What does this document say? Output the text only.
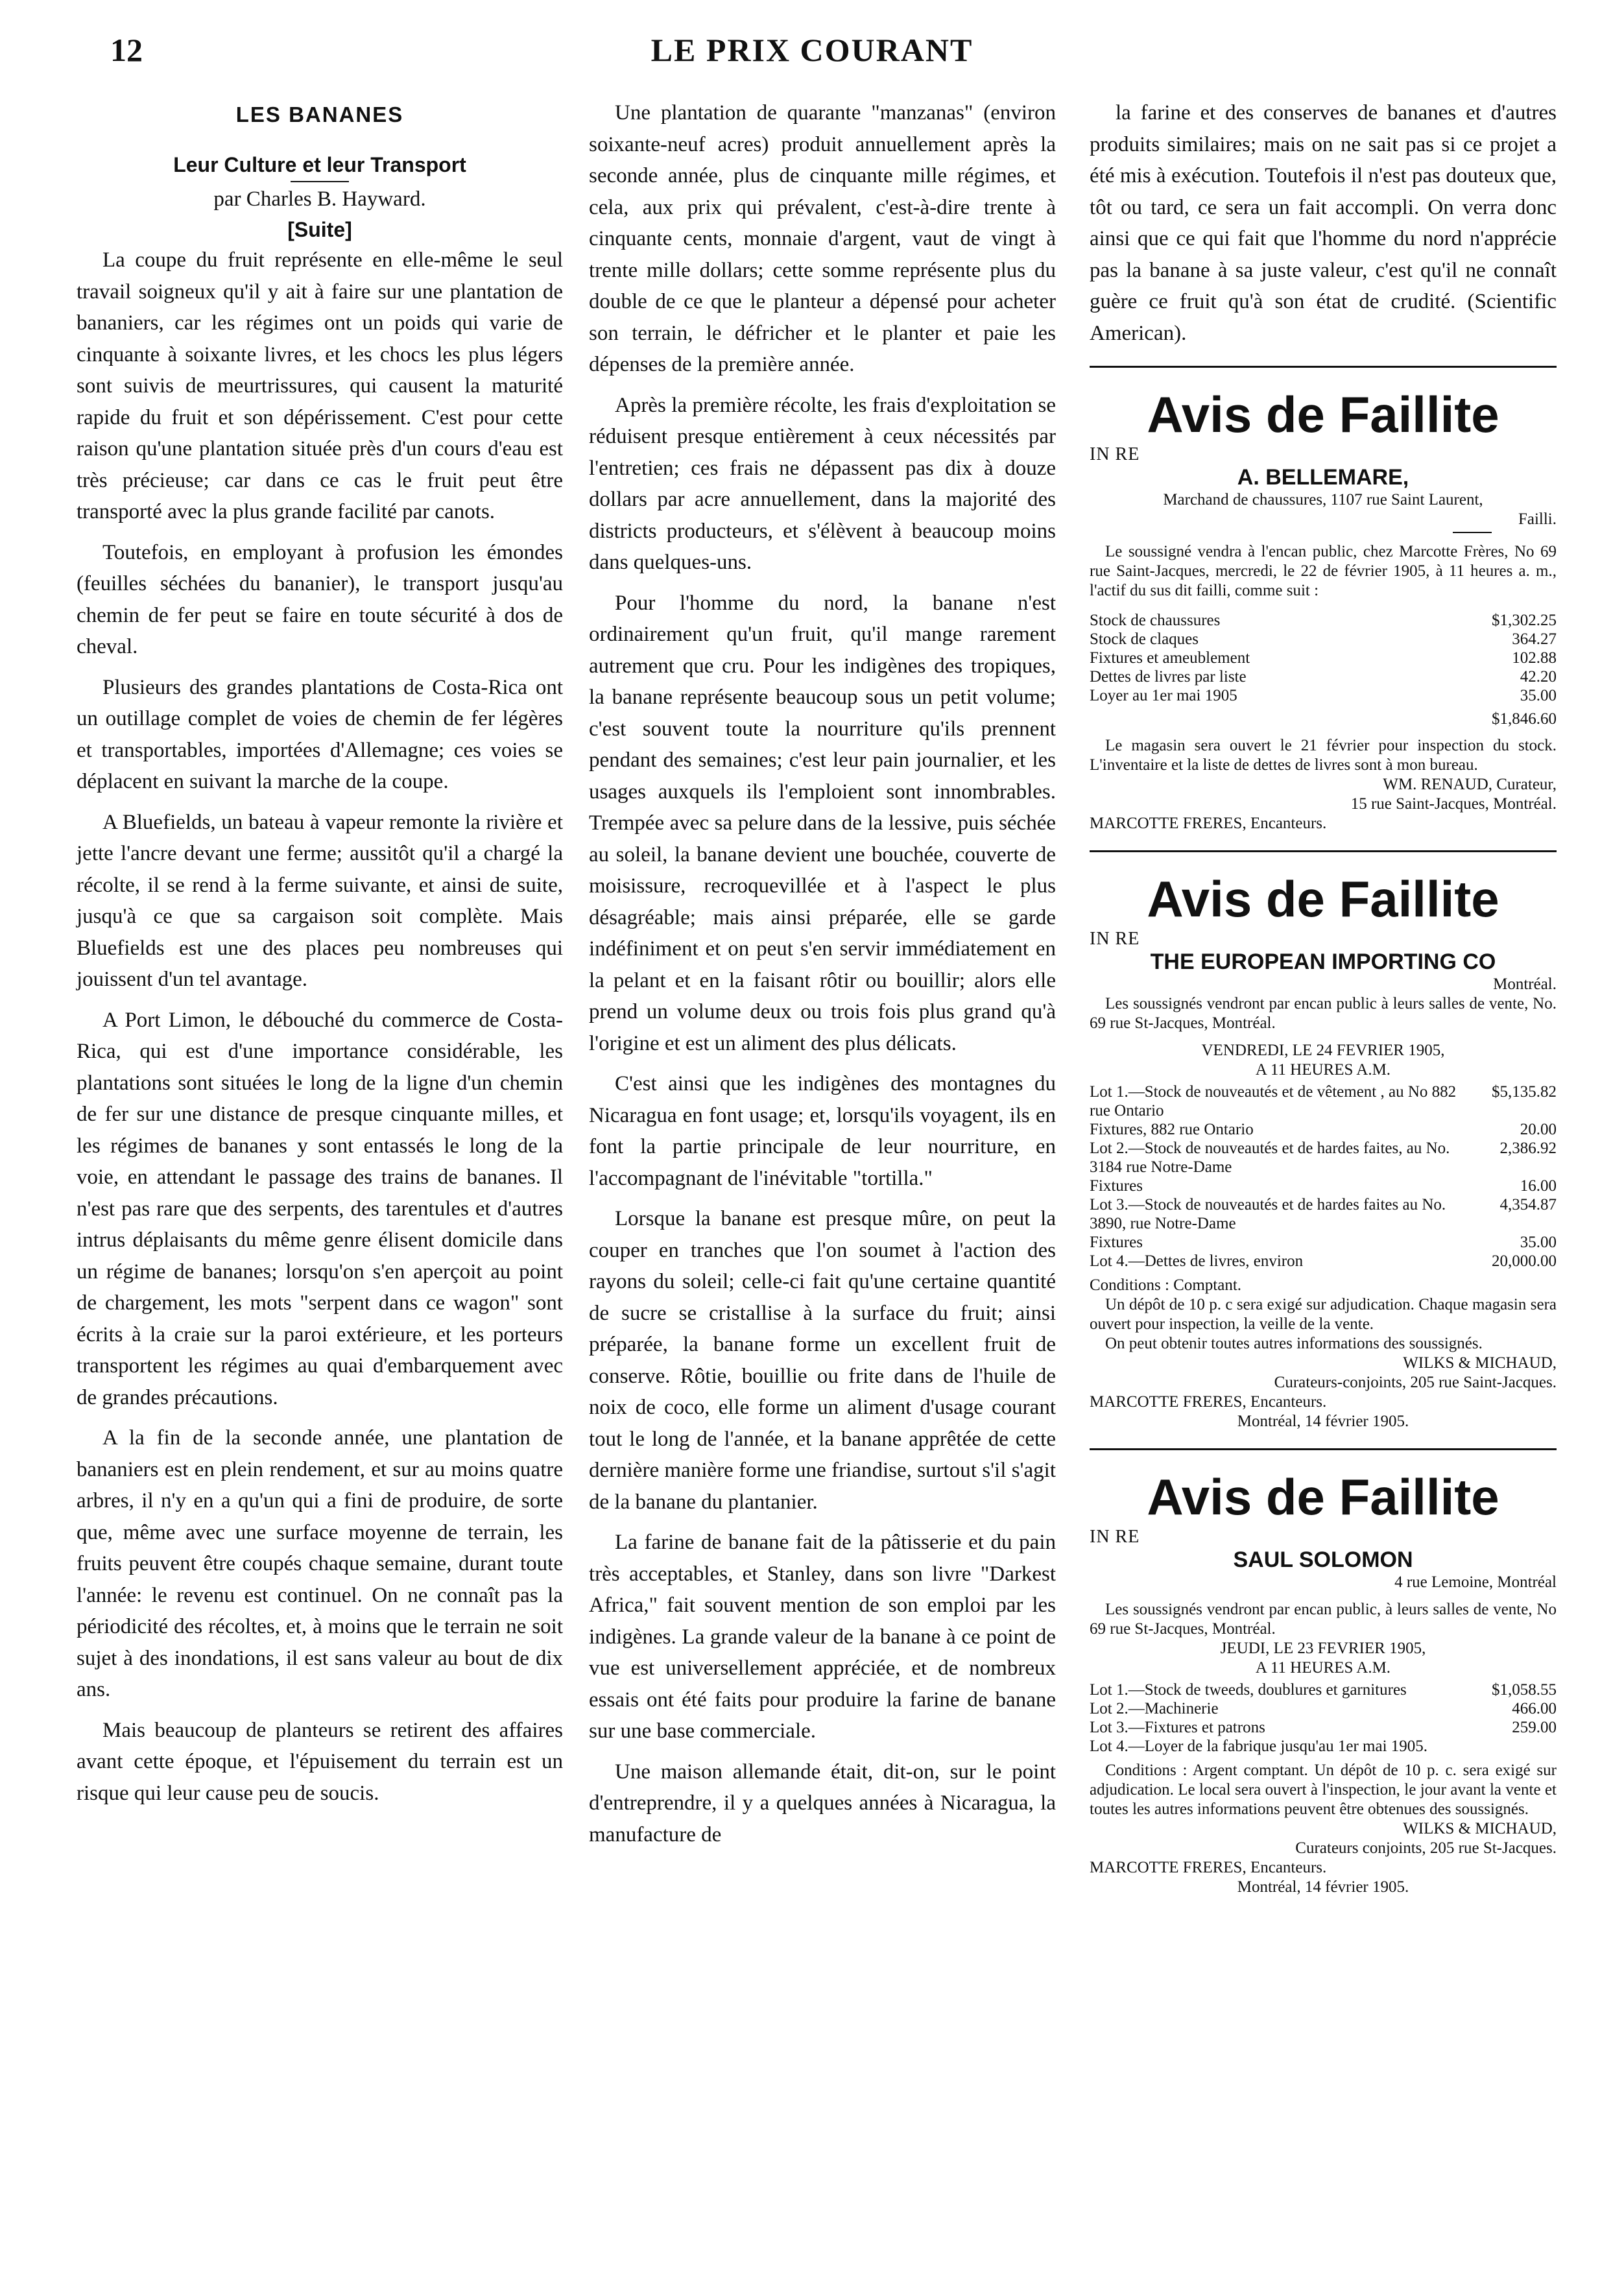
12	LE PRIX COURANT
LES BANANES
Leur Culture et leur Transport
par Charles B. Hayward.
[Suite]

La coupe du fruit représente en elle-même le seul travail soigneux qu'il y ait à faire sur une plantation de bananiers, car les régimes ont un poids qui varie de cinquante à soixante livres, et les chocs les plus légers sont suivis de meurtrissures, qui causent la maturité rapide du fruit et son dépérissement. C'est pour cette raison qu'une plantation située près d'un cours d'eau est très précieuse; car dans ce cas le fruit peut être transporté avec la plus grande facilité par canots.

Toutefois, en employant à profusion les émondes (feuilles séchées du bananier), le transport jusqu'au chemin de fer peut se faire en toute sécurité à dos de cheval.

Plusieurs des grandes plantations de Costa-Rica ont un outillage complet de voies de chemin de fer légères et transportables, importées d'Allemagne; ces voies se déplacent en suivant la marche de la coupe.

A Bluefields, un bateau à vapeur remonte la rivière et jette l'ancre devant une ferme; aussitôt qu'il a chargé la récolte, il se rend à la ferme suivante, et ainsi de suite, jusqu'à ce que sa cargaison soit complète. Mais Bluefields est une des places peu nombreuses qui jouissent d'un tel avantage.

A Port Limon, le débouché du commerce de Costa-Rica, qui est d'une importance considérable, les plantations sont situées le long de la ligne d'un chemin de fer sur une distance de presque cinquante milles, et les régimes de bananes y sont entassés le long de la voie, en attendant le passage des trains de bananes. Il n'est pas rare que des serpents, des tarentules et d'autres intrus déplaisants du même genre élisent domicile dans un régime de bananes; lorsqu'on s'en aperçoit au point de chargement, les mots "serpent dans ce wagon" sont écrits à la craie sur la paroi extérieure, et les porteurs transportent les régimes au quai d'embarquement avec de grandes précautions.

A la fin de la seconde année, une plantation de bananiers est en plein rendement, et sur au moins quatre arbres, il n'y en a qu'un qui a fini de produire, de sorte que, même avec une surface moyenne de terrain, les fruits peuvent être coupés chaque semaine, durant toute l'année: le revenu est continuel. On ne connaît pas la périodicité des récoltes, et, à moins que le terrain ne soit sujet à des inondations, il est sans valeur au bout de dix ans.

Mais beaucoup de planteurs se retirent des affaires avant cette époque, et l'épuisement du terrain est un risque qui leur cause peu de soucis.

Une plantation de quarante "manzanas" (environ soixante-neuf acres) produit annuellement après la seconde année, plus de cinquante mille régimes, et cela, aux prix qui prévalent, c'est-à-dire trente à cinquante cents, monnaie d'argent, vaut de vingt à trente mille dollars; cette somme représente plus du double de ce que le planteur a dépensé pour acheter son terrain, le défricher et le planter et paie les dépenses de la première année.

Après la première récolte, les frais d'exploitation se réduisent presque entièrement à ceux nécessités par l'entretien; ces frais ne dépassent pas dix à douze dollars par acre annuellement, dans la majorité des districts producteurs, et s'élèvent à beaucoup moins dans quelques-uns.

Pour l'homme du nord, la banane n'est ordinairement qu'un fruit, qu'il mange rarement autrement que cru. Pour les indigènes des tropiques, la banane représente beaucoup sous un petit volume; c'est souvent toute la nourriture qu'ils prennent pendant des semaines; c'est leur pain journalier, et les usages auxquels ils l'emploient sont innombrables. Trempée avec sa pelure dans de la lessive, puis séchée au soleil, la banane devient une bouchée, couverte de moisissure, recroquevillée et à l'aspect le plus désagréable; mais ainsi préparée, elle se garde indéfiniment et on peut s'en servir immédiatement en la pelant et en la faisant rôtir ou bouillir; alors elle prend un volume deux ou trois fois plus grand qu'à l'origine et est un aliment des plus délicats.

C'est ainsi que les indigènes des montagnes du Nicaragua en font usage; et, lorsqu'ils voyagent, ils en font la partie principale de leur nourriture, en l'accompagnant de l'inévitable "tortilla."

Lorsque la banane est presque mûre, on peut la couper en tranches que l'on soumet à l'action des rayons du soleil; celle-ci fait qu'une certaine quantité de sucre se cristallise à la surface du fruit; ainsi préparée, la banane forme un excellent fruit de conserve. Rôtie, bouillie ou frite dans de l'huile de noix de coco, elle forme un aliment d'usage courant tout le long de l'année, et la banane apprêtée de cette dernière manière forme une friandise, surtout s'il s'agit de la banane du plantanier.

La farine de banane fait de la pâtisserie et du pain très acceptables, et Stanley, dans son livre "Darkest Africa," fait souvent mention de son emploi par les indigènes. La grande valeur de la banane à ce point de vue est universellement appréciée, et de nombreux essais ont été faits pour produire la farine de banane sur une base commerciale.

Une maison allemande était, dit-on, sur le point d'entreprendre, il y a quelques années à Nicaragua, la manufacture de

la farine et des conserves de bananes et d'autres produits similaires; mais on ne sait pas si ce projet a été mis à exécution. Toutefois il n'est pas douteux que, tôt ou tard, ce sera un fait accompli. On verra donc ainsi que ce qui fait que l'homme du nord n'apprécie pas la banane à sa juste valeur, c'est qu'il ne connaît guère ce fruit qu'à son état de crudité. (Scientific American).

Avis de Faillite
IN RE
A. BELLEMARE,
Marchand de chaussures, 1107 rue Saint Laurent,
Failli.
Le soussigné vendra à l'encan public, chez Marcotte Frères, No 69 rue Saint-Jacques, mercredi, le 22 de février 1905, à 11 heures a. m., l'actif du sus dit failli, comme suit :
Stock de chaussures	$1,302.25
Stock de claques	364.27
Fixtures et ameublement	102.88
Dettes de livres par liste	42.20
Loyer au 1er mai 1905	35.00
$1,846.60
Le magasin sera ouvert le 21 février pour inspection du stock. L'inventaire et la liste de dettes de livres sont à mon bureau.
WM. RENAUD, Curateur,
15 rue Saint-Jacques, Montréal.
MARCOTTE FRERES, Encanteurs.
Avis de Faillite
IN RE
THE EUROPEAN IMPORTING CO
Montréal.
Les soussignés vendront par encan public à leurs salles de vente, No. 69 rue St-Jacques, Montréal.
VENDREDI, LE 24 FEVRIER 1905,
A 11 HEURES A.M.
Lot 1.—Stock de nouveautés et de vêtement , au No 882 rue Ontario	$5,135.82
Fixtures, 882 rue Ontario	20.00
Lot 2.—Stock de nouveautés et de hardes faites, au No. 3184 rue Notre-Dame	2,386.92
Fixtures	16.00
Lot 3.—Stock de nouveautés et de hardes faites au No. 3890, rue Notre-Dame	4,354.87
Fixtures	35.00
Lot 4.—Dettes de livres, environ	20,000.00
Conditions : Comptant.
Un dépôt de 10 p. c sera exigé sur adjudication. Chaque magasin sera ouvert pour inspection, la veille de la vente.
On peut obtenir toutes autres informations des soussignés.
WILKS & MICHAUD,
Curateurs-conjoints, 205 rue Saint-Jacques.
MARCOTTE FRERES, Encanteurs.
Montréal, 14 février 1905.
Avis de Faillite
IN RE
SAUL SOLOMON
4 rue Lemoine, Montréal
Les soussignés vendront par encan public, à leurs salles de vente, No 69 rue St-Jacques, Montréal.
JEUDI, LE 23 FEVRIER 1905,
A 11 HEURES A.M.
Lot 1.—Stock de tweeds, doublures et garnitures	$1,058.55
Lot 2.—Machinerie	466.00
Lot 3.—Fixtures et patrons	259.00
Lot 4.—Loyer de la fabrique jusqu'au 1er mai 1905.	
Conditions : Argent comptant. Un dépôt de 10 p. c. sera exigé sur adjudication. Le local sera ouvert à l'inspection, le jour avant la vente et toutes les autres informations peuvent être obtenues des soussignés.
WILKS & MICHAUD,
Curateurs conjoints, 205 rue St-Jacques.
MARCOTTE FRERES, Encanteurs.
Montréal, 14 février 1905.
